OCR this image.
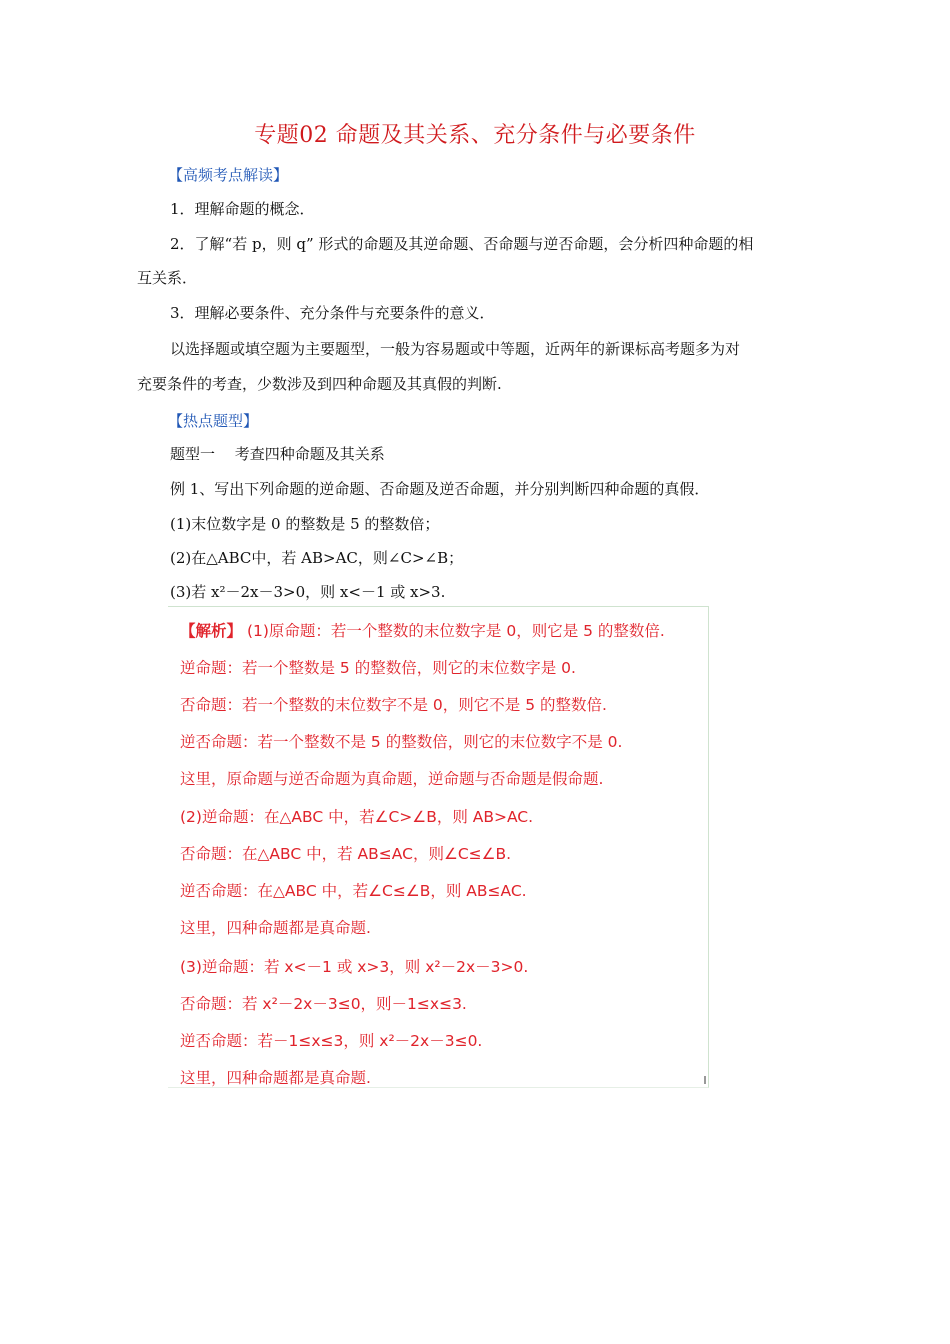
专题02 命题及其关系、充分条件与必要条件
【高频考点解读】
1．理解命题的概念．
2．了解“若 p，则 q” 形式的命题及其逆命题、否命题与逆否命题，会分析四种命题的相
互关系．
3．理解必要条件、充分条件与充要条件的意义．
以选择题或填空题为主要题型，一般为容易题或中等题，近两年的新课标高考题多为对
充要条件的考查，少数涉及到四种命题及其真假的判断.
【热点题型】
题型一　 考查四种命题及其关系
例 1、写出下列命题的逆命题、否命题及逆否命题，并分别判断四种命题的真假．
(1)末位数字是 0 的整数是 5 的整数倍；
(2)在△ABC中，若 AB>AC，则∠C>∠B；
(3)若 x²－2x－3>0，则 x<－1 或 x>3.
【解析】 (1)原命题：若一个整数的末位数字是 0，则它是 5 的整数倍.
逆命题：若一个整数是 5 的整数倍，则它的末位数字是 0.
否命题：若一个整数的末位数字不是 0，则它不是 5 的整数倍.
逆否命题：若一个整数不是 5 的整数倍，则它的末位数字不是 0.
这里，原命题与逆否命题为真命题，逆命题与否命题是假命题.
(2)逆命题：在△ABC 中，若∠C>∠B，则 AB>AC.
否命题：在△ABC 中，若 AB≤AC，则∠C≤∠B.
逆否命题：在△ABC 中，若∠C≤∠B，则 AB≤AC.
这里，四种命题都是真命题.
(3)逆命题：若 x<－1 或 x>3，则 x²－2x－3>0.
否命题：若 x²－2x－3≤0，则－1≤x≤3.
逆否命题：若－1≤x≤3，则 x²－2x－3≤0.
这里，四种命题都是真命题.
